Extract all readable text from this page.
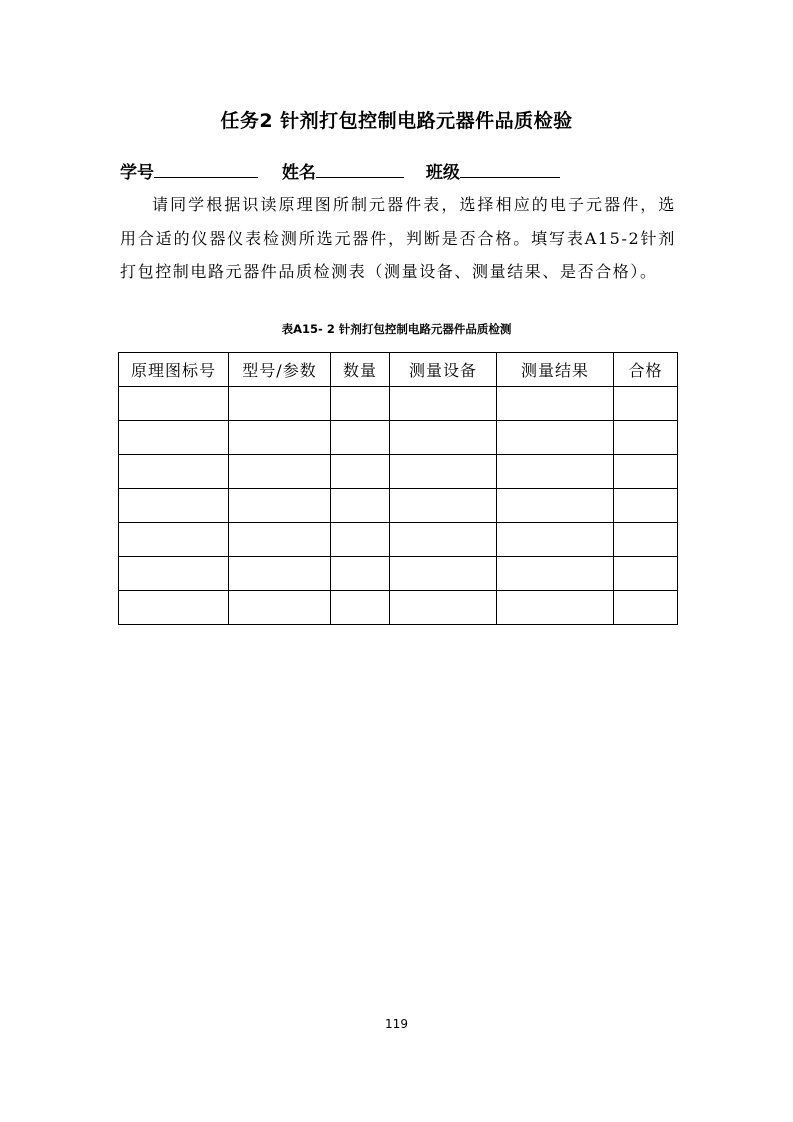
任务2 针剂打包控制电路元器件品质检验
学号	姓名	班级
请同学根据识读原理图所制元器件表，选择相应的电子元器件，选用合适的仪器仪表检测所选元器件，判断是否合格。填写表A15-2针剂打包控制电路元器件品质检测表（测量设备、测量结果、是否合格）。
表A15- 2 针剂打包控制电路元器件品质检测
原理图标号	型号/参数	数量	测量设备	测量结果	合格

119
